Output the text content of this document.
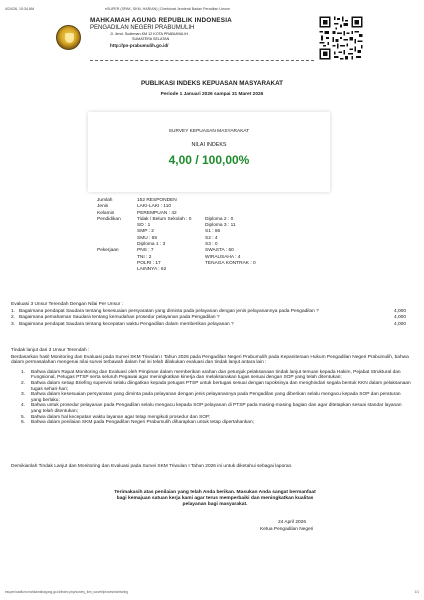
4/24/26, 10:34 AM	eSUPER (SPAK, SKM, HARIAN) | Direktorat Jenderal Badan Peradilan Umum
MAHKAMAH AGUNG REPUBLIK INDONESIA
PENGADILAN NEGERI PRABUMULIH
Jl. Jend. Sudirman KM 12 KOTA PRABUMULIH
SUMATERA SELATAN
http://pn-prabumulih.go.id/
PUBLIKASI INDEKS KEPUASAN MASYARAKAT
Periode 1 Januari 2026 sampai 31 Maret 2026
SURVEY KEPUASAN MASYARAKAT
NILAI INDEKS
4,00 / 100,00%
Jumlah	152 RESPONDEN
Jenis Kelamin
LAKI-LAKI : 110
PEREMPUAN : 42
Pendidikan	Tidak / Belum Sekolah : 0	Diploma 2 : 0
SD : 1	Diploma 3 : 11
SMP : 2	S1 : 66
SMU : 65	S2 : 4
Diploma 1 : 3	S3 : 0
Pekerjaan	PNS : 7	SWASTA : 60
TNI : 2	WIRAUSAHA : 4
POLRI : 17	TENAGA KONTRAK : 0
LAINNYA : 62
Evaluasi 3 Unsur Terendah Dengan Nilai Per Unsur :
1. Bagaimana pendapat Saudara tentang kesesuaian persyaratan yang diminta pada pelayanan dengan jenis pelayanannya pada Pengadilan ?	4,000
2. Bagaimana pemahaman Saudara tentang kemudahan prosedur pelayanan pada Pengadilan ?	4,000
3. Bagaimana pendapat Saudara tentang kecepatan waktu Pengadilan dalam memberikan pelayanan ?	4,000
Tindak lanjut dari 3 Unsur Terendah :
Berdasarkan hasil Monitoring dan Evaluasi pada Survei SKM Triwulan I Tahun 2026 pada Pengadilan Negeri Prabumulih pada Kepaniteraan Hukum Pengadilan Negeri Prabumulih, bahwa dalam permasalahan mengenai nilai survei terbawah dalam hal ini telah dilakukan evaluasi dan tindak lanjut antara lain :
1.	Bahwa dalam Rapat Monitoring dan Evaluasi oleh Pimpinan dalam memberikan arahan dan petunjuk pelaksanaan tindak lanjut temuan kepada Hakim, Pejabat Struktural dan Fungsional, Petugas PTSP serta seluruh Pegawai agar meningkatkan kinerja dan melaksanakan tugas sesuai dengan SOP yang telah ditentukan;
2.	Bahwa dalam setiap Briefing supervisi selalu diingatkan kepada petugas PTSP untuk bertugas sesuai dengan tupoksinya dan menghindari segala bentuk KKN dalam pelaksanaan tugas sehari-hari;
3.	Bahwa dalam kesesuaian persyaratan yang diminta pada pelayanan dengan jenis pelayanannya pada Pengadilan yang diberikan selalu mengacu kepada SOP dan peraturan yang berlaku;
4.	Bahwa untuk prosedur pelayanan pada Pengadilan selalu mengacu kepada SOP pelayanan di PTSP pada masing-masing bagian dan agar ditetapkan sesuai standar layanan yang telah ditentukan;
5.	Bahwa dalam hal kecepatan waktu layanan agar tetap mengikuti prosedur dan SOP;
6.	Bahwa dalam penilaian SKM pada Pengadilan Negeri Prabumulih diharapkan untuk tetap dipertahankan;
Demikianlah Tindak Lanjut dan Monitoring dan Evaluasi pada Survei SKM Triwulan I Tahun 2026 ini untuk diketahui sebagai laporan.
Terimakasih atas penilaian yang telah Anda berikan. Masukan Anda sangat bermanfaat bagi kemajuan satuan kerja kami agar terus memperbaiki dan meningkatkan kualitas pelayanan bagi masyarakat.
24 April 2026
Ketua Pengadilan Negeri
esuper.badilum.mahkamahagung.go.id/index.php/survey_ikm_survei/iprosesmonitoring	1/1
